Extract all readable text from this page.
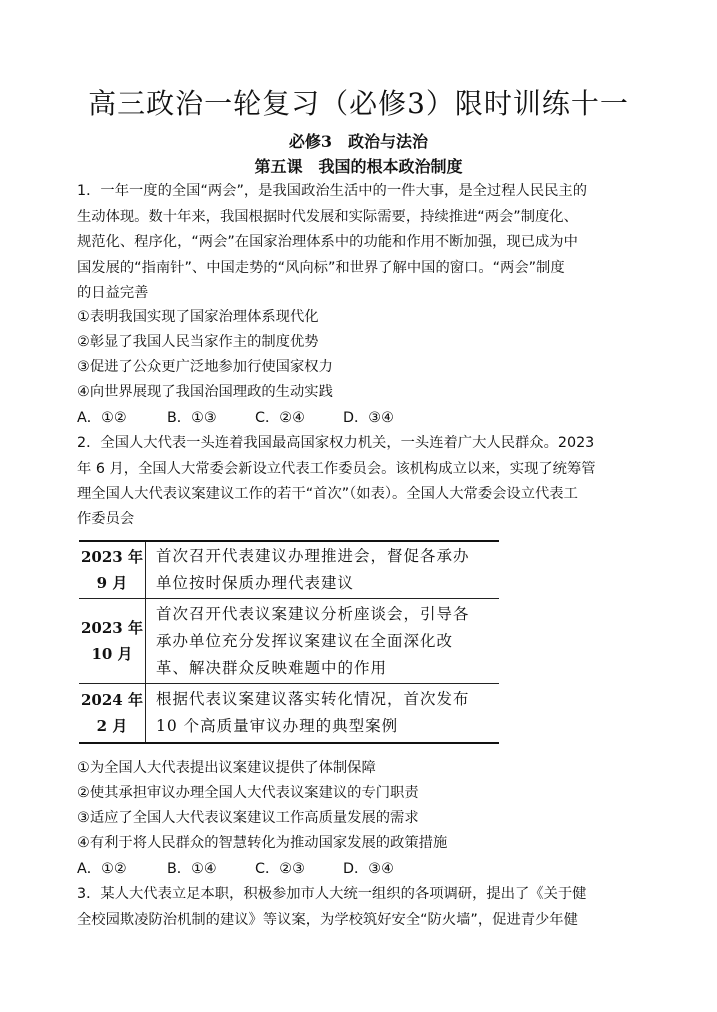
高三政治一轮复习（必修3）限时训练十一
必修3　政治与法治
第五课　我国的根本政治制度
1．一年一度的全国“两会”，是我国政治生活中的一件大事，是全过程人民民主的
生动体现。数十年来，我国根据时代发展和实际需要，持续推进“两会”制度化、
规范化、程序化，“两会”在国家治理体系中的功能和作用不断加强，现已成为中
国发展的“指南针”、中国走势的“风向标”和世界了解中国的窗口。“两会”制度
的日益完善
①表明我国实现了国家治理体系现代化
②彰显了我国人民当家作主的制度优势
③促进了公众更广泛地参加行使国家权力
④向世界展现了我国治国理政的生动实践
A．①②	B．①③	C．②④	D．③④
2．全国人大代表一头连着我国最高国家权力机关，一头连着广大人民群众。2023
年 6 月，全国人大常委会新设立代表工作委员会。该机构成立以来，实现了统筹管
理全国人大代表议案建议工作的若干“首次”（如表）。全国人大常委会设立代表工
作委员会
2023 年
9 月	首次召开代表建议办理推进会，督促各承办
单位按时保质办理代表建议

2023 年
10 月	首次召开代表议案建议分析座谈会，引导各
承办单位充分发挥议案建议在全面深化改
革、解决群众反映难题中的作用

2024 年
2 月	根据代表议案建议落实转化情况，首次发布
10 个高质量审议办理的典型案例
①为全国人大代表提出议案建议提供了体制保障
②使其承担审议办理全国人大代表议案建议的专门职责
③适应了全国人大代表议案建议工作高质量发展的需求
④有利于将人民群众的智慧转化为推动国家发展的政策措施
A．①②	B．①④	C．②③	D．③④
3．某人大代表立足本职，积极参加市人大统一组织的各项调研，提出了《关于健
全校园欺凌防治机制的建议》等议案，为学校筑好安全“防火墙”，促进青少年健
